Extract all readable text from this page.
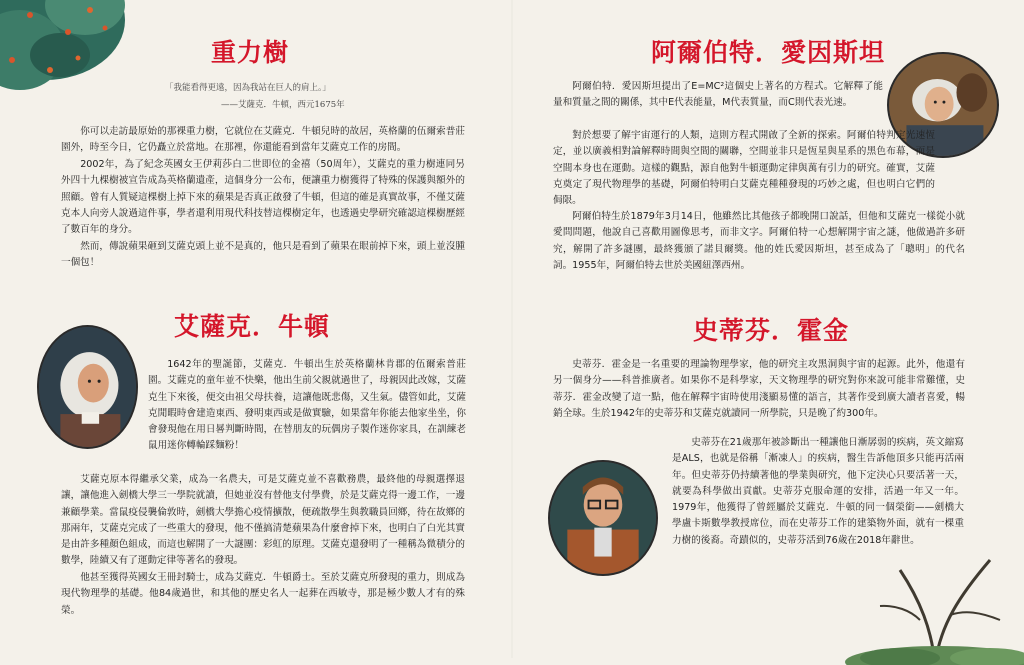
重力樹
「我能看得更遠，因為我站在巨人的肩上。」
——艾薩克．牛頓，西元1675年

你可以走訪最原始的那裸重力樹，它就位在艾薩克．牛頓兒時的故居，英格蘭的伍爾索普莊園外，時至今日，它仍矗立於當地。在那裡，你還能看到當年艾薩克工作的房間。

2002年，為了紀念英國女王伊莉莎白二世即位的金禧（50周年），艾薩克的重力樹連同另外四十九棵樹被宣告成為英格蘭遺產，這個身分一公布，便讓重力樹獲得了特殊的保護與額外的照顧。曾有人質疑這棵樹上掉下來的蘋果是否真正啟發了牛頓，但這的確是真實故事，不僅艾薩克本人向旁人說過這件事，學者還利用現代科技替這棵樹定年，也透過史學研究確認這棵樹歷經了數百年的身分。

然而，傳說蘋果砸到艾薩克頭上並不是真的，他只是看到了蘋果在眼前掉下來，頭上並沒腫一個包！

艾薩克．牛頓

1642年的聖誕節，艾薩克．牛頓出生於英格蘭林肯郡的伍爾索普莊園。艾薩克的童年並不快樂，他出生前父親就過世了，母親因此改嫁，艾薩克生下來後，便交由祖父母扶養，這讓他既悲傷，又生氣。儘管如此，艾薩克閒暇時會建造東西、發明東西或是做實驗，如果當年你能去他家坐坐，你會發現他在用日晷判斷時間，在替朋友的玩偶房子製作迷你家具，在訓練老鼠用迷你轉輪踩麵粉！

艾薩克原本得繼承父業，成為一名農夫，可是艾薩克並不喜歡務農，最終他的母親選擇退讓，讓他進入劍橋大學三一學院就讀，但她並沒有替他支付學費，於是艾薩克得一邊工作，一邊兼顧學業。當鼠疫侵襲倫敦時，劍橋大學擔心疫情擴散，便疏散學生與教職員回鄉，待在故鄉的那兩年，艾薩克完成了一些重大的發現，他不僅搞清楚蘋果為什麼會掉下來，也明白了白光其實是由許多種顏色組成，而這也解開了一大謎團：彩虹的原理。艾薩克還發明了一種稱為微積分的數學，陸續又有了運動定律等著名的發現。

他甚至獲得英國女王冊封騎士，成為艾薩克．牛頓爵士。至於艾薩克所發現的重力，則成為現代物理學的基礎。他84歲過世，和其他的歷史名人一起葬在西敏寺，那是極少數人才有的殊榮。

阿爾伯特．愛因斯坦

阿爾伯特．愛因斯坦提出了E=MC²這個史上著名的方程式。它解釋了能量和質量之間的關係，其中E代表能量，M代表質量，而C則代表光速。

對於想要了解宇宙運行的人類，這則方程式開啟了全新的探索。阿爾伯特判定光速恆定，並以廣義相對論解釋時間與空間的關聯，空間並非只是恆星與星系的黑色布幕，而是空間本身也在運動。這樣的觀點，源自他對牛頓運動定律與萬有引力的研究。確實，艾薩克奠定了現代物理學的基礎，阿爾伯特明白艾薩克種種發現的巧妙之處，但也明白它們的侷限。

阿爾伯特生於1879年3月14日，他雖然比其他孩子都晚開口說話，但他和艾薩克一樣從小就愛問問題，他說自己喜歡用圖像思考，而非文字。阿爾伯特一心想解開宇宙之謎，他做過許多研究，解開了許多謎團，最終獲頒了諾貝爾獎。他的姓氏愛因斯坦，甚至成為了「聰明」的代名詞。1955年，阿爾伯特去世於美國紐澤西州。

史蒂芬．霍金

史蒂芬．霍金是一名重要的理論物理學家，他的研究主攻黑洞與宇宙的起源。此外，他還有另一個身分——科普推廣者。如果你不是科學家，天文物理學的研究對你來說可能非常難懂，史蒂芬．霍金改變了這一點，他在解釋宇宙時使用淺顯易懂的語言，其著作受到廣大讀者喜愛，暢銷全球。生於1942年的史蒂芬和艾薩克就讀同一所學院，只是晚了約300年。

史蒂芬在21歲那年被診斷出一種讓他日漸孱弱的疾病，英文縮寫是ALS，也就是俗稱「漸凍人」的疾病，醫生告訴他頂多只能再活兩年。但史蒂芬仍持續著他的學業與研究，他下定決心只要活著一天，就要為科學做出貢獻。史蒂芬克服命運的安排，活過一年又一年。1979年，他獲得了曾經屬於艾薩克．牛頓的同一個榮銜——劍橋大學盧卡斯數學教授席位，而在史蒂芬工作的建築物外面，就有一棵重力樹的後裔。奇蹟似的，史蒂芬活到76歲在2018年辭世。
